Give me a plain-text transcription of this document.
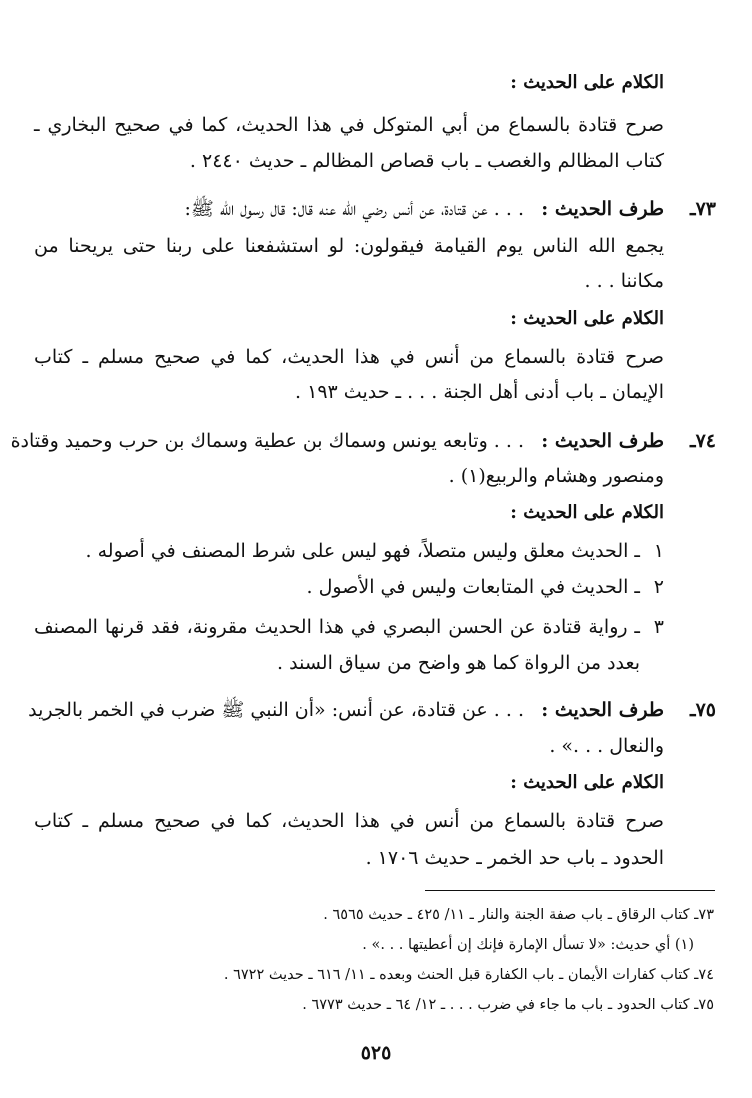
الكلام على الحديث :
صرح قتادة بالسماع من أبي المتوكل في هذا الحديث، كما في صحيح البخاري ـ
كتاب المظالم والغصب ـ باب قصاص المظالم ـ حديث ٢٤٤٠ .
٧٣ـ
طرف الحديث :
. . . عن قتادة، عن أنس رضي الله عنه قال: قال رسول الله ﷺ:
يجمع الله الناس يوم القيامة فيقولون: لو استشفعنا على ربنا حتى يريحنا من
مكاننا . . .
الكلام على الحديث :
صرح قتادة بالسماع من أنس في هذا الحديث، كما في صحيح مسلم ـ كتاب
الإيمان ـ باب أدنى أهل الجنة . . . ـ حديث ١٩٣ .
٧٤ـ
طرف الحديث :
. . . وتابعه يونس وسماك بن عطية وسماك بن حرب وحميد وقتادة
ومنصور وهشام والربيع(١) .
الكلام على الحديث :
١
ـ الحديث معلق وليس متصلاً، فهو ليس على شرط المصنف في أصوله .
٢
ـ الحديث في المتابعات وليس في الأصول .
٣
ـ رواية قتادة عن الحسن البصري في هذا الحديث مقرونة، فقد قرنها المصنف
بعدد من الرواة كما هو واضح من سياق السند .
٧٥ـ
طرف الحديث :
. . . عن قتادة، عن أنس: «أن النبي ﷺ ضرب في الخمر بالجريد
والنعال . . .» .
الكلام على الحديث :
صرح قتادة بالسماع من أنس في هذا الحديث، كما في صحيح مسلم ـ كتاب
الحدود ـ باب حد الخمر ـ حديث ١٧٠٦ .
٧٣ـ كتاب الرقاق ـ باب صفة الجنة والنار ـ ١١/ ٤٢٥ ـ حديث ٦٥٦٥ .
(١) أي حديث: «لا تسأل الإمارة فإنك إن أعطيتها . . .» .
٧٤ـ كتاب كفارات الأيمان ـ باب الكفارة قبل الحنث وبعده ـ ١١/ ٦١٦ ـ حديث ٦٧٢٢ .
٧٥ـ كتاب الحدود ـ باب ما جاء في ضرب . . . ـ ١٢/ ٦٤ ـ حديث ٦٧٧٣ .
٥٢٥
